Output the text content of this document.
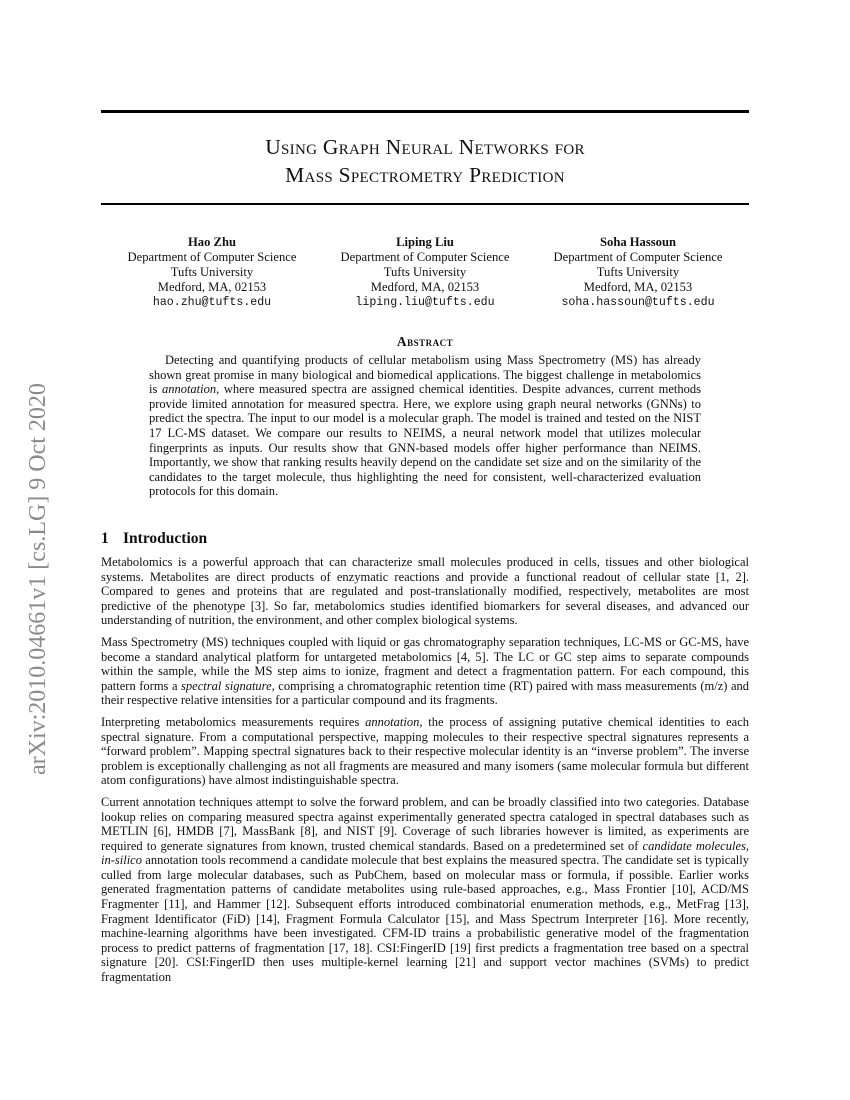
arXiv:2010.04661v1 [cs.LG] 9 Oct 2020
Using Graph Neural Networks for
Mass Spectrometry Prediction
Hao Zhu
Department of Computer Science
Tufts University
Medford, MA, 02153
hao.zhu@tufts.edu
Liping Liu
Department of Computer Science
Tufts University
Medford, MA, 02153
liping.liu@tufts.edu
Soha Hassoun
Department of Computer Science
Tufts University
Medford, MA, 02153
soha.hassoun@tufts.edu
Abstract
Detecting and quantifying products of cellular metabolism using Mass Spectrometry (MS) has already shown great promise in many biological and biomedical applications. The biggest challenge in metabolomics is annotation, where measured spectra are assigned chemical identities. Despite advances, current methods provide limited annotation for measured spectra. Here, we explore using graph neural networks (GNNs) to predict the spectra. The input to our model is a molecular graph. The model is trained and tested on the NIST 17 LC-MS dataset. We compare our results to NEIMS, a neural network model that utilizes molecular fingerprints as inputs. Our results show that GNN-based models offer higher performance than NEIMS. Importantly, we show that ranking results heavily depend on the candidate set size and on the similarity of the candidates to the target molecule, thus highlighting the need for consistent, well-characterized evaluation protocols for this domain.
1 Introduction

Metabolomics is a powerful approach that can characterize small molecules produced in cells, tissues and other biological systems. Metabolites are direct products of enzymatic reactions and provide a functional readout of cellular state [1, 2]. Compared to genes and proteins that are regulated and post-translationally modified, respectively, metabolites are most predictive of the phenotype [3]. So far, metabolomics studies identified biomarkers for several diseases, and advanced our understanding of nutrition, the environment, and other complex biological systems.

Mass Spectrometry (MS) techniques coupled with liquid or gas chromatography separation techniques, LC-MS or GC-MS, have become a standard analytical platform for untargeted metabolomics [4, 5]. The LC or GC step aims to separate compounds within the sample, while the MS step aims to ionize, fragment and detect a fragmentation pattern. For each compound, this pattern forms a spectral signature, comprising a chromatographic retention time (RT) paired with mass measurements (m/z) and their respective relative intensities for a particular compound and its fragments.

Interpreting metabolomics measurements requires annotation, the process of assigning putative chemical identities to each spectral signature. From a computational perspective, mapping molecules to their respective spectral signatures represents a “forward problem”. Mapping spectral signatures back to their respective molecular identity is an “inverse problem”. The inverse problem is exceptionally challenging as not all fragments are measured and many isomers (same molecular formula but different atom configurations) have almost indistinguishable spectra.

Current annotation techniques attempt to solve the forward problem, and can be broadly classified into two categories. Database lookup relies on comparing measured spectra against experimentally generated spectra cataloged in spectral databases such as METLIN [6], HMDB [7], MassBank [8], and NIST [9]. Coverage of such libraries however is limited, as experiments are required to generate signatures from known, trusted chemical standards. Based on a predetermined set of candidate molecules, in-silico annotation tools recommend a candidate molecule that best explains the measured spectra. The candidate set is typically culled from large molecular databases, such as PubChem, based on molecular mass or formula, if possible. Earlier works generated fragmentation patterns of candidate metabolites using rule-based approaches, e.g., Mass Frontier [10], ACD/MS Fragmenter [11], and Hammer [12]. Subsequent efforts introduced combinatorial enumeration methods, e.g., MetFrag [13], Fragment Identificator (FiD) [14], Fragment Formula Calculator [15], and Mass Spectrum Interpreter [16]. More recently, machine-learning algorithms have been investigated. CFM-ID trains a probabilistic generative model of the fragmentation process to predict patterns of fragmentation [17, 18]. CSI:FingerID [19] first predicts a fragmentation tree based on a spectral signature [20]. CSI:FingerID then uses multiple-kernel learning [21] and support vector machines (SVMs) to predict fragmentation
